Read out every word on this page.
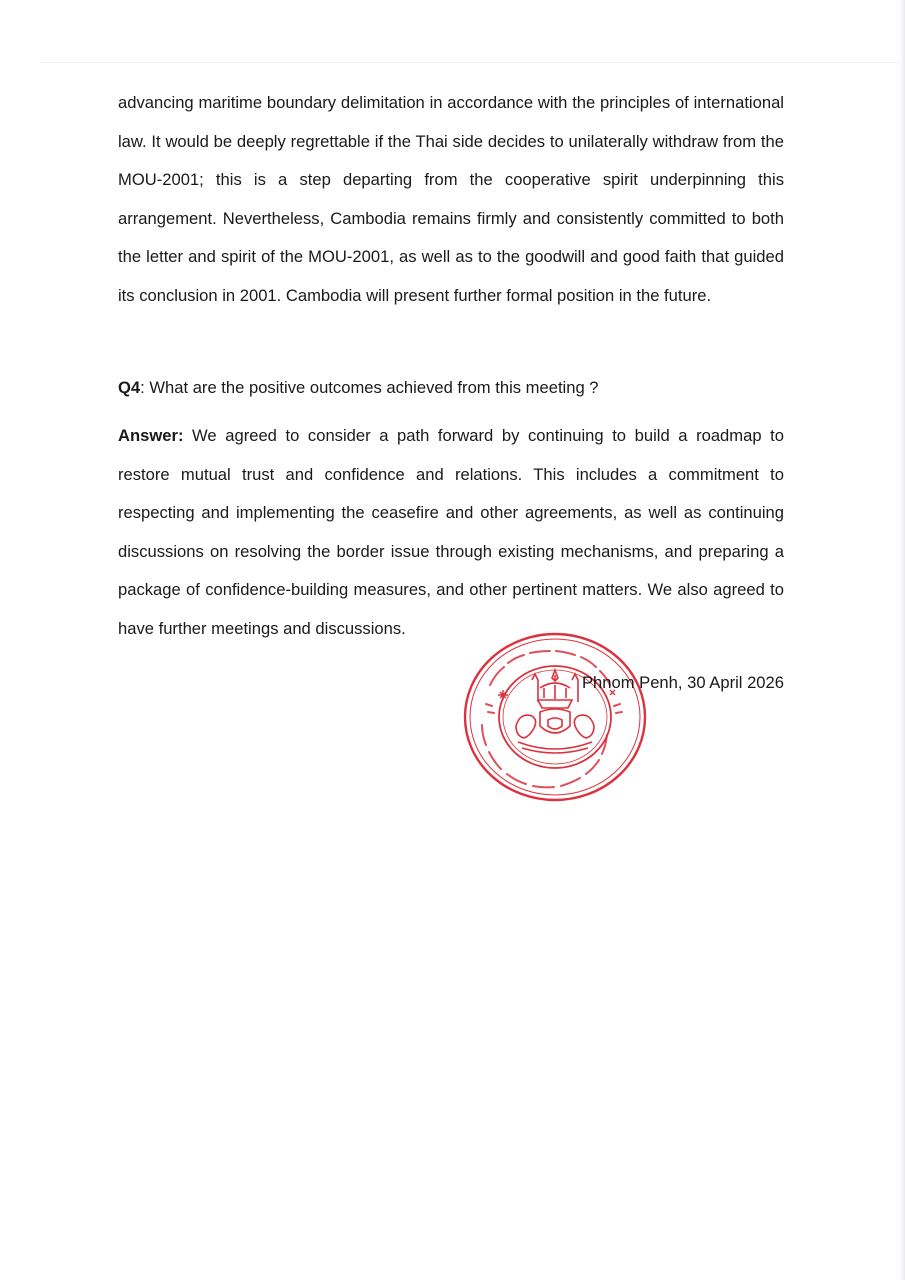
advancing maritime boundary delimitation in accordance with the principles of international law. It would be deeply regrettable if the Thai side decides to unilaterally withdraw from the MOU-2001; this is a step departing from the cooperative spirit underpinning this arrangement. Nevertheless, Cambodia remains firmly and consistently committed to both the letter and spirit of the MOU-2001, as well as to the goodwill and good faith that guided its conclusion in 2001. Cambodia will present further formal position in the future.

Q4: What are the positive outcomes achieved from this meeting ?

Answer: We agreed to consider a path forward by continuing to build a roadmap to restore mutual trust and confidence and relations. This includes a commitment to respecting and implementing the ceasefire and other agreements, as well as continuing discussions on resolving the border issue through existing mechanisms, and preparing a package of confidence-building measures, and other pertinent matters. We also agreed to have further meetings and discussions.

Phnom Penh, 30 April 2026
